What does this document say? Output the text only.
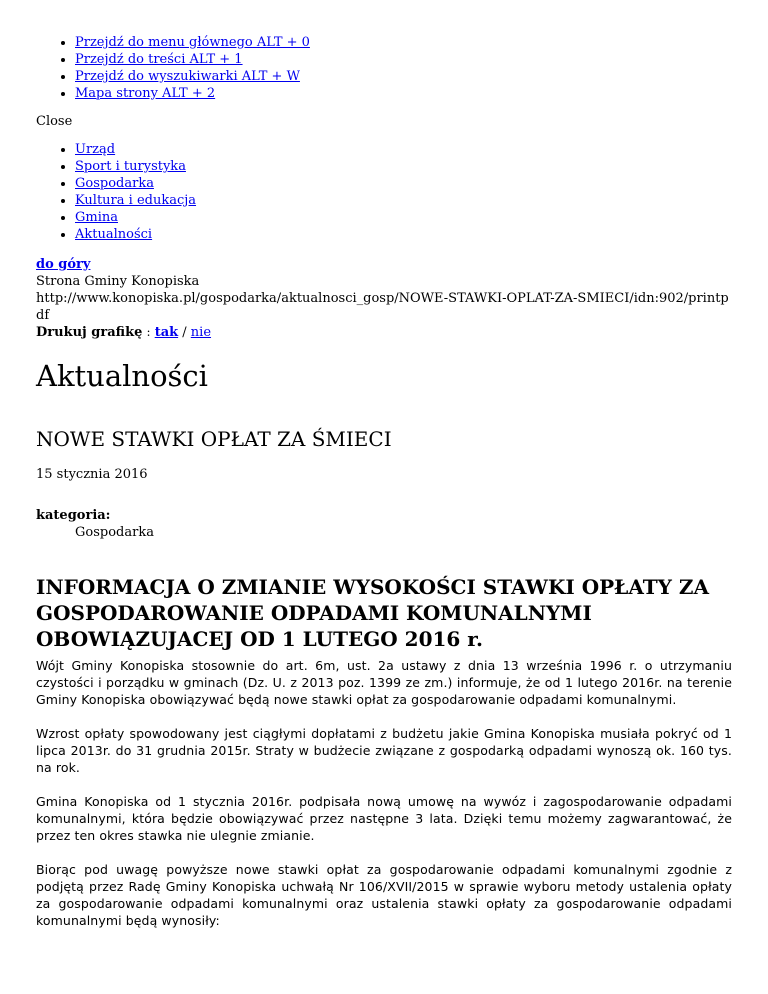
• Przejdź do menu głównego ALT + 0
• Przejdź do treści ALT + 1
• Przejdź do wyszukiwarki ALT + W
• Mapa strony ALT + 2
Close
• Urząd
• Sport i turystyka
• Gospodarka
• Kultura i edukacja
• Gmina
• Aktualności
do góry
Strona Gminy Konopiska
http://www.konopiska.pl/gospodarka/aktualnosci_gosp/NOWE-STAWKI-OPLAT-ZA-SMIECI/idn:902/printpdf
Drukuj grafikę : tak / nie
Aktualności
NOWE STAWKI OPŁAT ZA ŚMIECI
15 stycznia 2016
kategoria:
Gospodarka
INFORMACJA O ZMIANIE WYSOKOŚCI STAWKI OPŁATY ZA GOSPODAROWANIE ODPADAMI KOMUNALNYMI OBOWIĄZUJACEJ OD 1 LUTEGO 2016 r.

Wójt Gminy Konopiska stosownie do art. 6m, ust. 2a ustawy z dnia 13 września 1996 r. o utrzymaniu czystości i porządku w gminach (Dz. U. z 2013 poz. 1399 ze zm.) informuje, że od 1 lutego 2016r. na terenie Gminy Konopiska obowiązywać będą nowe stawki opłat za gospodarowanie odpadami komunalnymi.

Wzrost opłaty spowodowany jest ciągłymi dopłatami z budżetu jakie Gmina Konopiska musiała pokryć od 1 lipca 2013r. do 31 grudnia 2015r. Straty w budżecie związane z gospodarką odpadami wynoszą ok. 160 tys. na rok.

Gmina Konopiska od 1 stycznia 2016r. podpisała nową umowę na wywóz i zagospodarowanie odpadami komunalnymi, która będzie obowiązywać przez następne 3 lata. Dzięki temu możemy zagwarantować, że przez ten okres stawka nie ulegnie zmianie.

Biorąc pod uwagę powyższe nowe stawki opłat za gospodarowanie odpadami komunalnymi zgodnie z podjętą przez Radę Gminy Konopiska uchwałą Nr 106/XVII/2015 w sprawie wyboru metody ustalenia opłaty za gospodarowanie odpadami komunalnymi oraz ustalenia stawki opłaty za gospodarowanie odpadami komunalnymi będą wynosiły:
